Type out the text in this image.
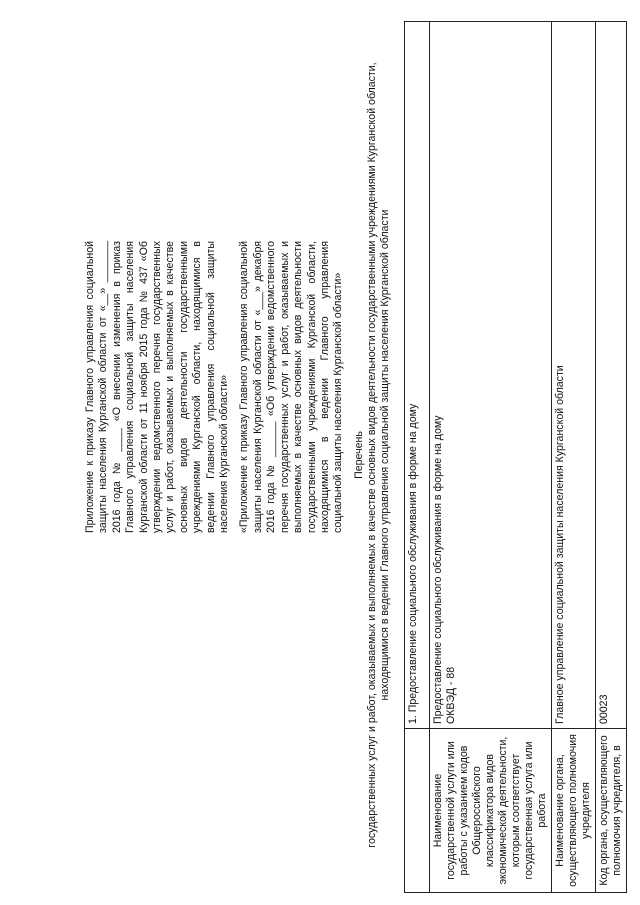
Приложение к приказу Главного управления социальной защиты населения Курганской области от «__» _______ 2016 года № ____ «О внесении изменения в приказ Главного управления социальной защиты населения Курганской области от 11 ноября 2015 года № 437 «Об утверждении ведомственного перечня государственных услуг и работ, оказываемых и выполняемых в качестве основных видов деятельности государственными учреждениями Курганской области, находящимися в ведении Главного управления социальной защиты населения Курганской области» «Приложение к приказу Главного управления социальной защиты населения Курганской области от «___» декабря 2016 года № ______ «Об утверждении ведомственного перечня государственных услуг и работ, оказываемых и выполняемых в качестве основных видов деятельности государственными учреждениями Курганской области, находящимися в ведении Главного управления социальной защиты населения Курганской области» Перечень государственных услуг и работ, оказываемых и выполняемых в качестве основных видов деятельности государственными учреждениями Курганской области, находящимися в ведении Главного управления социальной защиты населения Курганской области
	1. Предоставление социального обслуживания в форме на дому
Наименование государственной услуги или работы с указанием кодов Общероссийского классификатора видов экономической деятельности, которым соответствует государственная услуга или работа	Предоставление социального обслуживания в форме на дому ОКВЭД - 88

Наименование органа, осуществляющего полномочия учредителя	Главное управление социальной защиты населения Курганской области
Код органа, осуществляющего полномочия учредителя, в	00023
